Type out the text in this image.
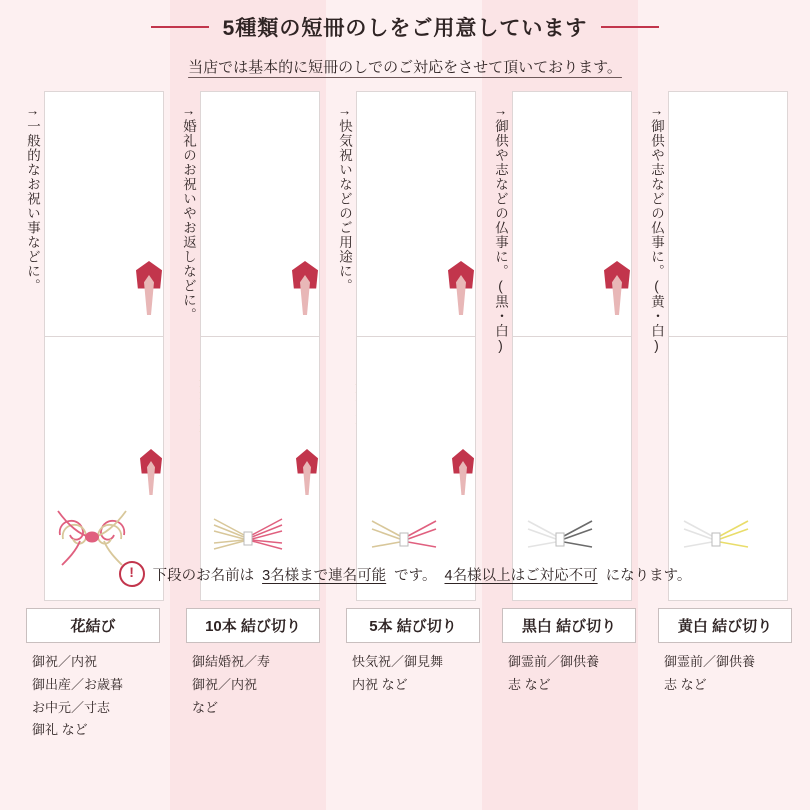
5種類の短冊のしをご用意しています
当店では基本的に短冊のしでのご対応をさせて頂いております。
→一般的なお祝い事などに。	→婚礼のお祝いやお返しなどに。	→快気祝いなどのご用途に。	→御供や志などの仏事に。(黒・白)	→御供や志などの仏事に。(黄・白)
花結び
御祝／内祝
御出産／お歳暮
お中元／寸志
御礼 など
10本 結び切り
御結婚祝／寿
御祝／内祝
など
5本 結び切り
快気祝／御見舞
内祝 など
黒白 結び切り
御霊前／御供養
志 など
黄白 結び切り
御霊前／御供養
志 など
!	下段のお名前は 3名様まで連名可能 です。 4名様以上はご対応不可 になります。
